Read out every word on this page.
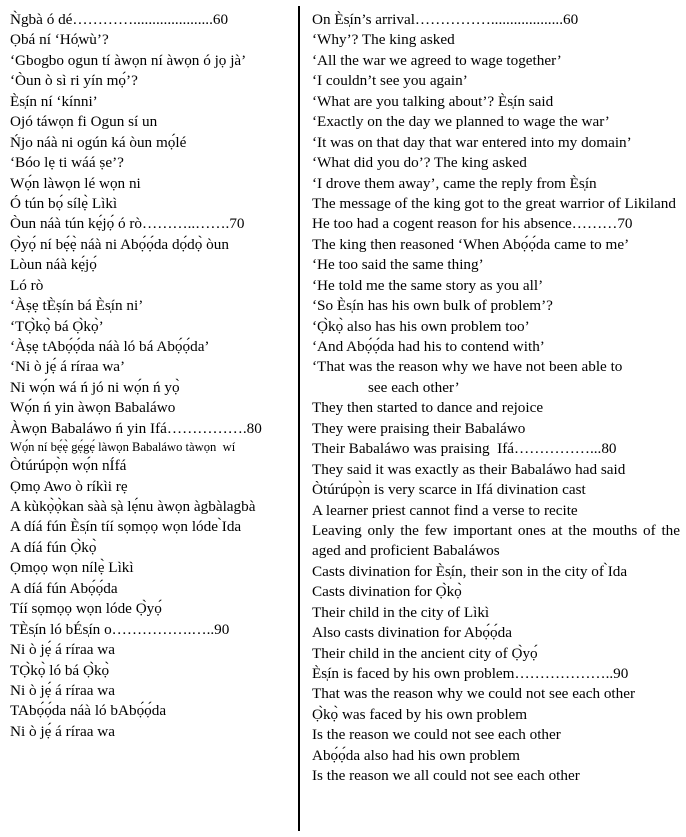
Ǹgbà ó dé………….....................60

Ọbá ní ‘Hó̩wù’?

‘Gbogbo ogun tí àwọn ní àwọn ó jọ jà’

‘Òun ò sì ri yín mọ́’?

Ès̩ín ní ‘kínni’

Ojó táwọn fi Ogun sí un

Ńjo náà ni ogún ká òun mọ́lé

‘Bóo lẹ ti wáá ṣe’?

Wọ́n làwọn lé wọn ni

Ó tún bọ́ sílẹ̀ Lìkì

Òun náà tún kẹ́jọ́ ó rò………..…….70

Ọ̀yọ́ ní bẹ́ẹ̀ náà ni Abọ́ọ́da dọ́dọ̀ òun

Lòun náà kẹ́jọ́

Ló rò

‘Àṣẹ tÈṣín bá Ès̩ín ni’

‘TỌ̀kọ̀ bá Ọ̀kọ̀’

‘Àṣẹ tAbọ́ọ́da náà ló bá Abọ́ọ́da’

‘Ni ò jẹ́ á ríraa wa’

Ni wọ́n wá ń jó ni wọ́n ń yọ̀

Wọ́n ń yin àwọn Babaláwo

Àwọn Babaláwo ń yin Ifá…………….80

Wọ́n ní bẹ́ẹ̀ gẹ́gẹ́ làwọn Babaláwo tàwọn  wí

Òtúrúpọ̀n wọ́n nÍfá

Ọmọ Awo ò ríkìi rẹ

A kùkọ̀ọ̀kan sàà s̩à lẹ́nu àwọn àgbàlagbà

A díá fún Ès̩ín tíí sọmọọ wọn lóde ̀Ida

A díá fún Ọ̀kọ̀

Ọmọọ wọn nílẹ̀ Lìkì

A díá fún Abọ́ọ́da

Tíí sọmọọ wọn lóde Ọ̀yọ́

TÈs̩ín ló bÉs̩ín o…………….…..90

Ni ò jẹ́ á ríraa wa

TỌ̀kọ̀ ló bá Ọ̀kọ̀

Ni ò jẹ́ á ríraa wa

TAbọ́ọ́da náà ló bAbọ́ọ́da

Ni ò jẹ́ á ríraa wa

On Ès̩ín’s arrival……………...................60

‘Why’? The king asked

‘All the war we agreed to wage together’

‘I couldn’t see you again’

‘What are you talking about’? Ès̩ín said

‘Exactly on the day we planned to wage the war’

‘It was on that day that war entered into my domain’

‘What did you do’? The king asked

‘I drove them away’, came the reply from Ès̩ín

The message of the king got to the great warrior of Likiland

He too had a cogent reason for his absence………70

The king then reasoned ‘When Abọ́ọ́da came to me’

‘He too said the same thing’

‘He told me the same story as you all’

‘So Ès̩ín has his own bulk of problem’?

‘Ọ̀kọ̀ also has his own problem too’

‘And Abọ́ọ́da had his to contend with’

‘That was the reason why we have not been able to

see each other’

They then started to dance and rejoice

They were praising their Babaláwo

Their Babaláwo was praising  Ifá……………...80

They said it was exactly as their Babaláwo had said

Òtúrúpọ̀n is very scarce in Ifá divination cast

A learner priest cannot find a verse to recite

Leaving only the few important ones at the mouths of the aged and proficient Babaláwos

Casts divination for Ès̩ín, their son in the city of ̀Ida

Casts divination for Ọ̀kọ̀

Their child in the city of Lìkì

Also casts divination for Abọ́ọ́da

Their child in the ancient city of Ọ̀yọ́

Ès̩ín is faced by his own problem………………..90

That was the reason why we could not see each other

Ọ̀kọ̀ was faced by his own problem

Is the reason we could not see each other

Abọ́ọ́da also had his own problem

Is the reason we all could not see each other
